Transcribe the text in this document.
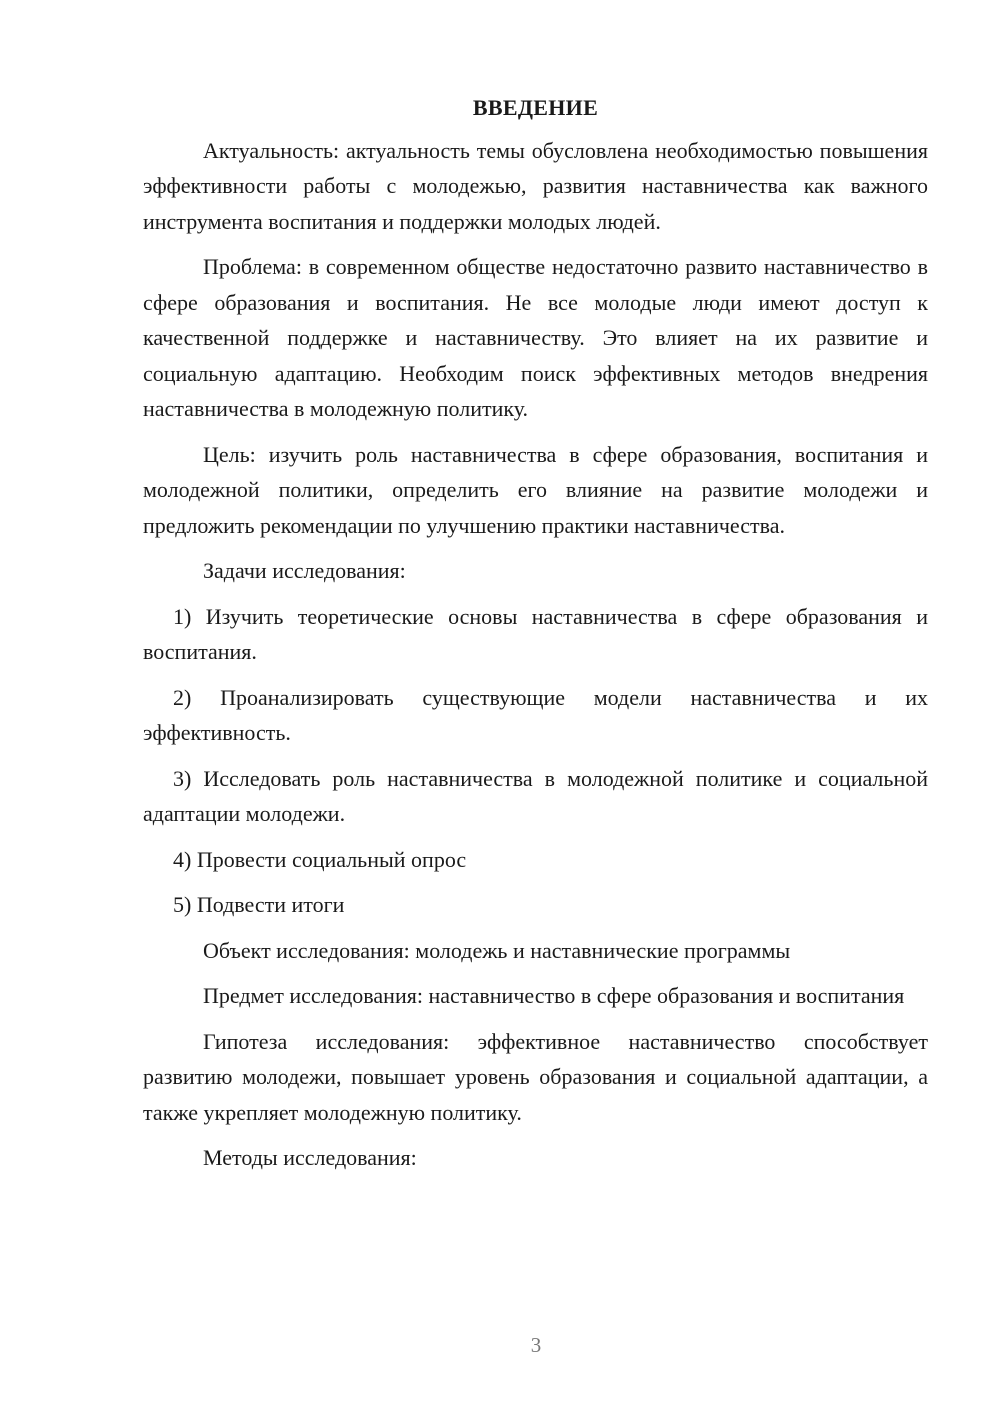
ВВЕДЕНИЕ
Актуальность: актуальность темы обусловлена необходимостью повышения эффективности работы с молодежью, развития наставничества как важного инструмента воспитания и поддержки молодых людей.
Проблема: в современном обществе недостаточно развито наставничество в сфере образования и воспитания. Не все молодые люди имеют доступ к качественной поддержке и наставничеству. Это влияет на их развитие и социальную адаптацию. Необходим поиск эффективных методов внедрения наставничества в молодежную политику.
Цель: изучить роль наставничества в сфере образования, воспитания и молодежной политики, определить его влияние на развитие молодежи и предложить рекомендации по улучшению практики наставничества.
Задачи исследования:
1) Изучить теоретические основы наставничества в сфере образования и воспитания.
2) Проанализировать существующие модели наставничества и их эффективность.
3) Исследовать роль наставничества в молодежной политике и социальной адаптации молодежи.
4) Провести социальный опрос
5) Подвести итоги
Объект исследования: молодежь и наставнические программы
Предмет исследования: наставничество в сфере образования и воспитания
Гипотеза исследования: эффективное наставничество способствует развитию молодежи, повышает уровень образования и социальной адаптации, а также укрепляет молодежную политику.
Методы исследования:
3
